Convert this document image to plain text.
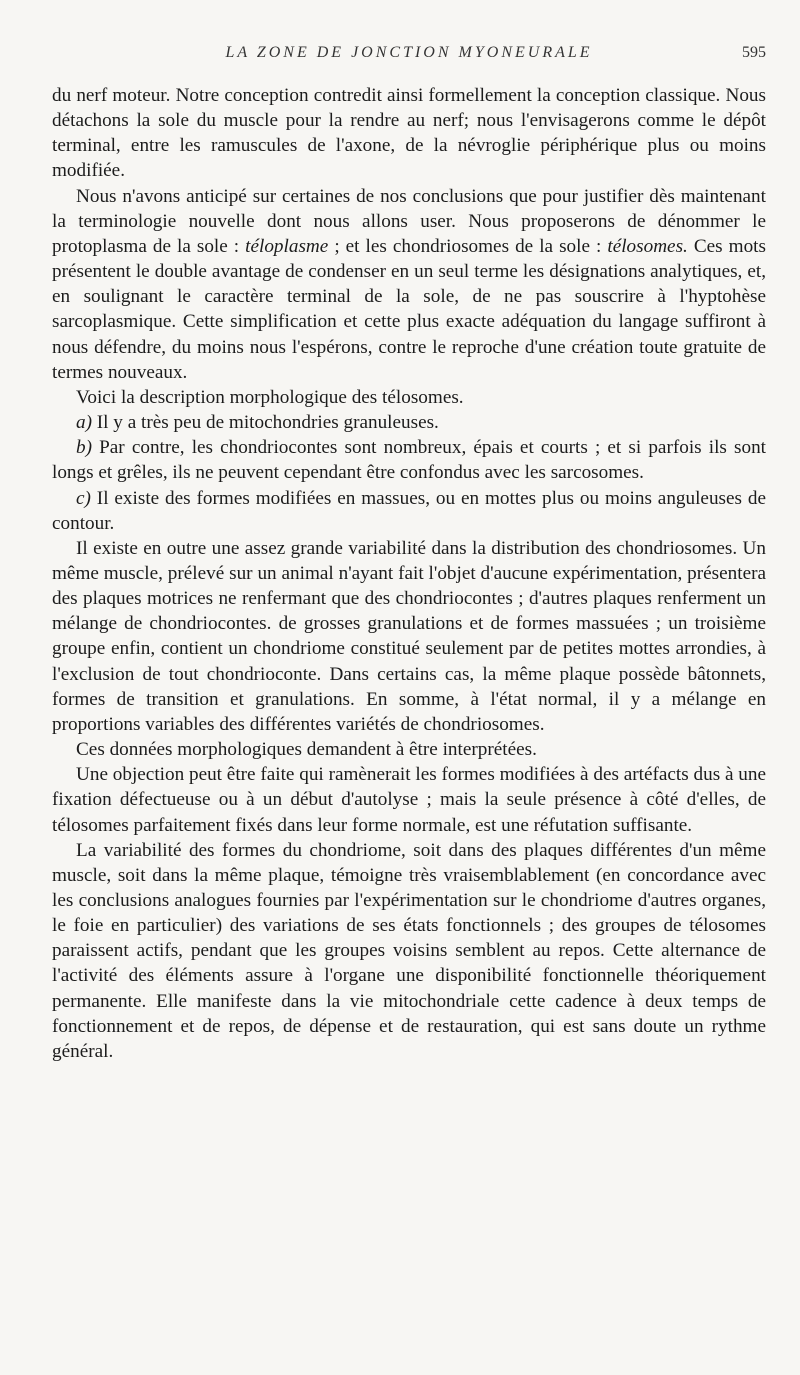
LA ZONE DE JONCTION MYONEURALE	595

du nerf moteur. Notre conception contredit ainsi formellement la conception classique. Nous détachons la sole du muscle pour la rendre au nerf; nous l'envisagerons comme le dépôt terminal, entre les ramuscules de l'axone, de la névroglie périphérique plus ou moins modifiée.

Nous n'avons anticipé sur certaines de nos conclusions que pour justifier dès maintenant la terminologie nouvelle dont nous allons user. Nous proposerons de dénommer le protoplasma de la sole : téloplasme ; et les chondriosomes de la sole : télosomes. Ces mots présentent le double avantage de condenser en un seul terme les désignations analytiques, et, en soulignant le caractère terminal de la sole, de ne pas souscrire à l'hyptohèse sarcoplasmique. Cette simplification et cette plus exacte adéquation du langage suffiront à nous défendre, du moins nous l'espérons, contre le reproche d'une création toute gratuite de termes nouveaux.

Voici la description morphologique des télosomes.

a) Il y a très peu de mitochondries granuleuses.

b) Par contre, les chondriocontes sont nombreux, épais et courts ; et si parfois ils sont longs et grêles, ils ne peuvent cependant être confondus avec les sarcosomes.

c) Il existe des formes modifiées en massues, ou en mottes plus ou moins anguleuses de contour.

Il existe en outre une assez grande variabilité dans la distribution des chondriosomes. Un même muscle, prélevé sur un animal n'ayant fait l'objet d'aucune expérimentation, présentera des plaques motrices ne renfermant que des chondriocontes ; d'autres plaques renferment un mélange de chondriocontes. de grosses granulations et de formes massuées ; un troisième groupe enfin, contient un chondriome constitué seulement par de petites mottes arrondies, à l'exclusion de tout chondrioconte. Dans certains cas, la même plaque possède bâtonnets, formes de transition et granulations. En somme, à l'état normal, il y a mélange en proportions variables des différentes variétés de chondriosomes.

Ces données morphologiques demandent à être interprétées.

Une objection peut être faite qui ramènerait les formes modifiées à des artéfacts dus à une fixation défectueuse ou à un début d'autolyse ; mais la seule présence à côté d'elles, de télosomes parfaitement fixés dans leur forme normale, est une réfutation suffisante.

La variabilité des formes du chondriome, soit dans des plaques différentes d'un même muscle, soit dans la même plaque, témoigne très vraisemblablement (en concordance avec les conclusions analogues fournies par l'expérimentation sur le chondriome d'autres organes, le foie en particulier) des variations de ses états fonctionnels ; des groupes de télosomes paraissent actifs, pendant que les groupes voisins semblent au repos. Cette alternance de l'activité des éléments assure à l'organe une disponibilité fonctionnelle théoriquement permanente. Elle manifeste dans la vie mitochondriale cette cadence à deux temps de fonctionnement et de repos, de dépense et de restauration, qui est sans doute un rythme général.
